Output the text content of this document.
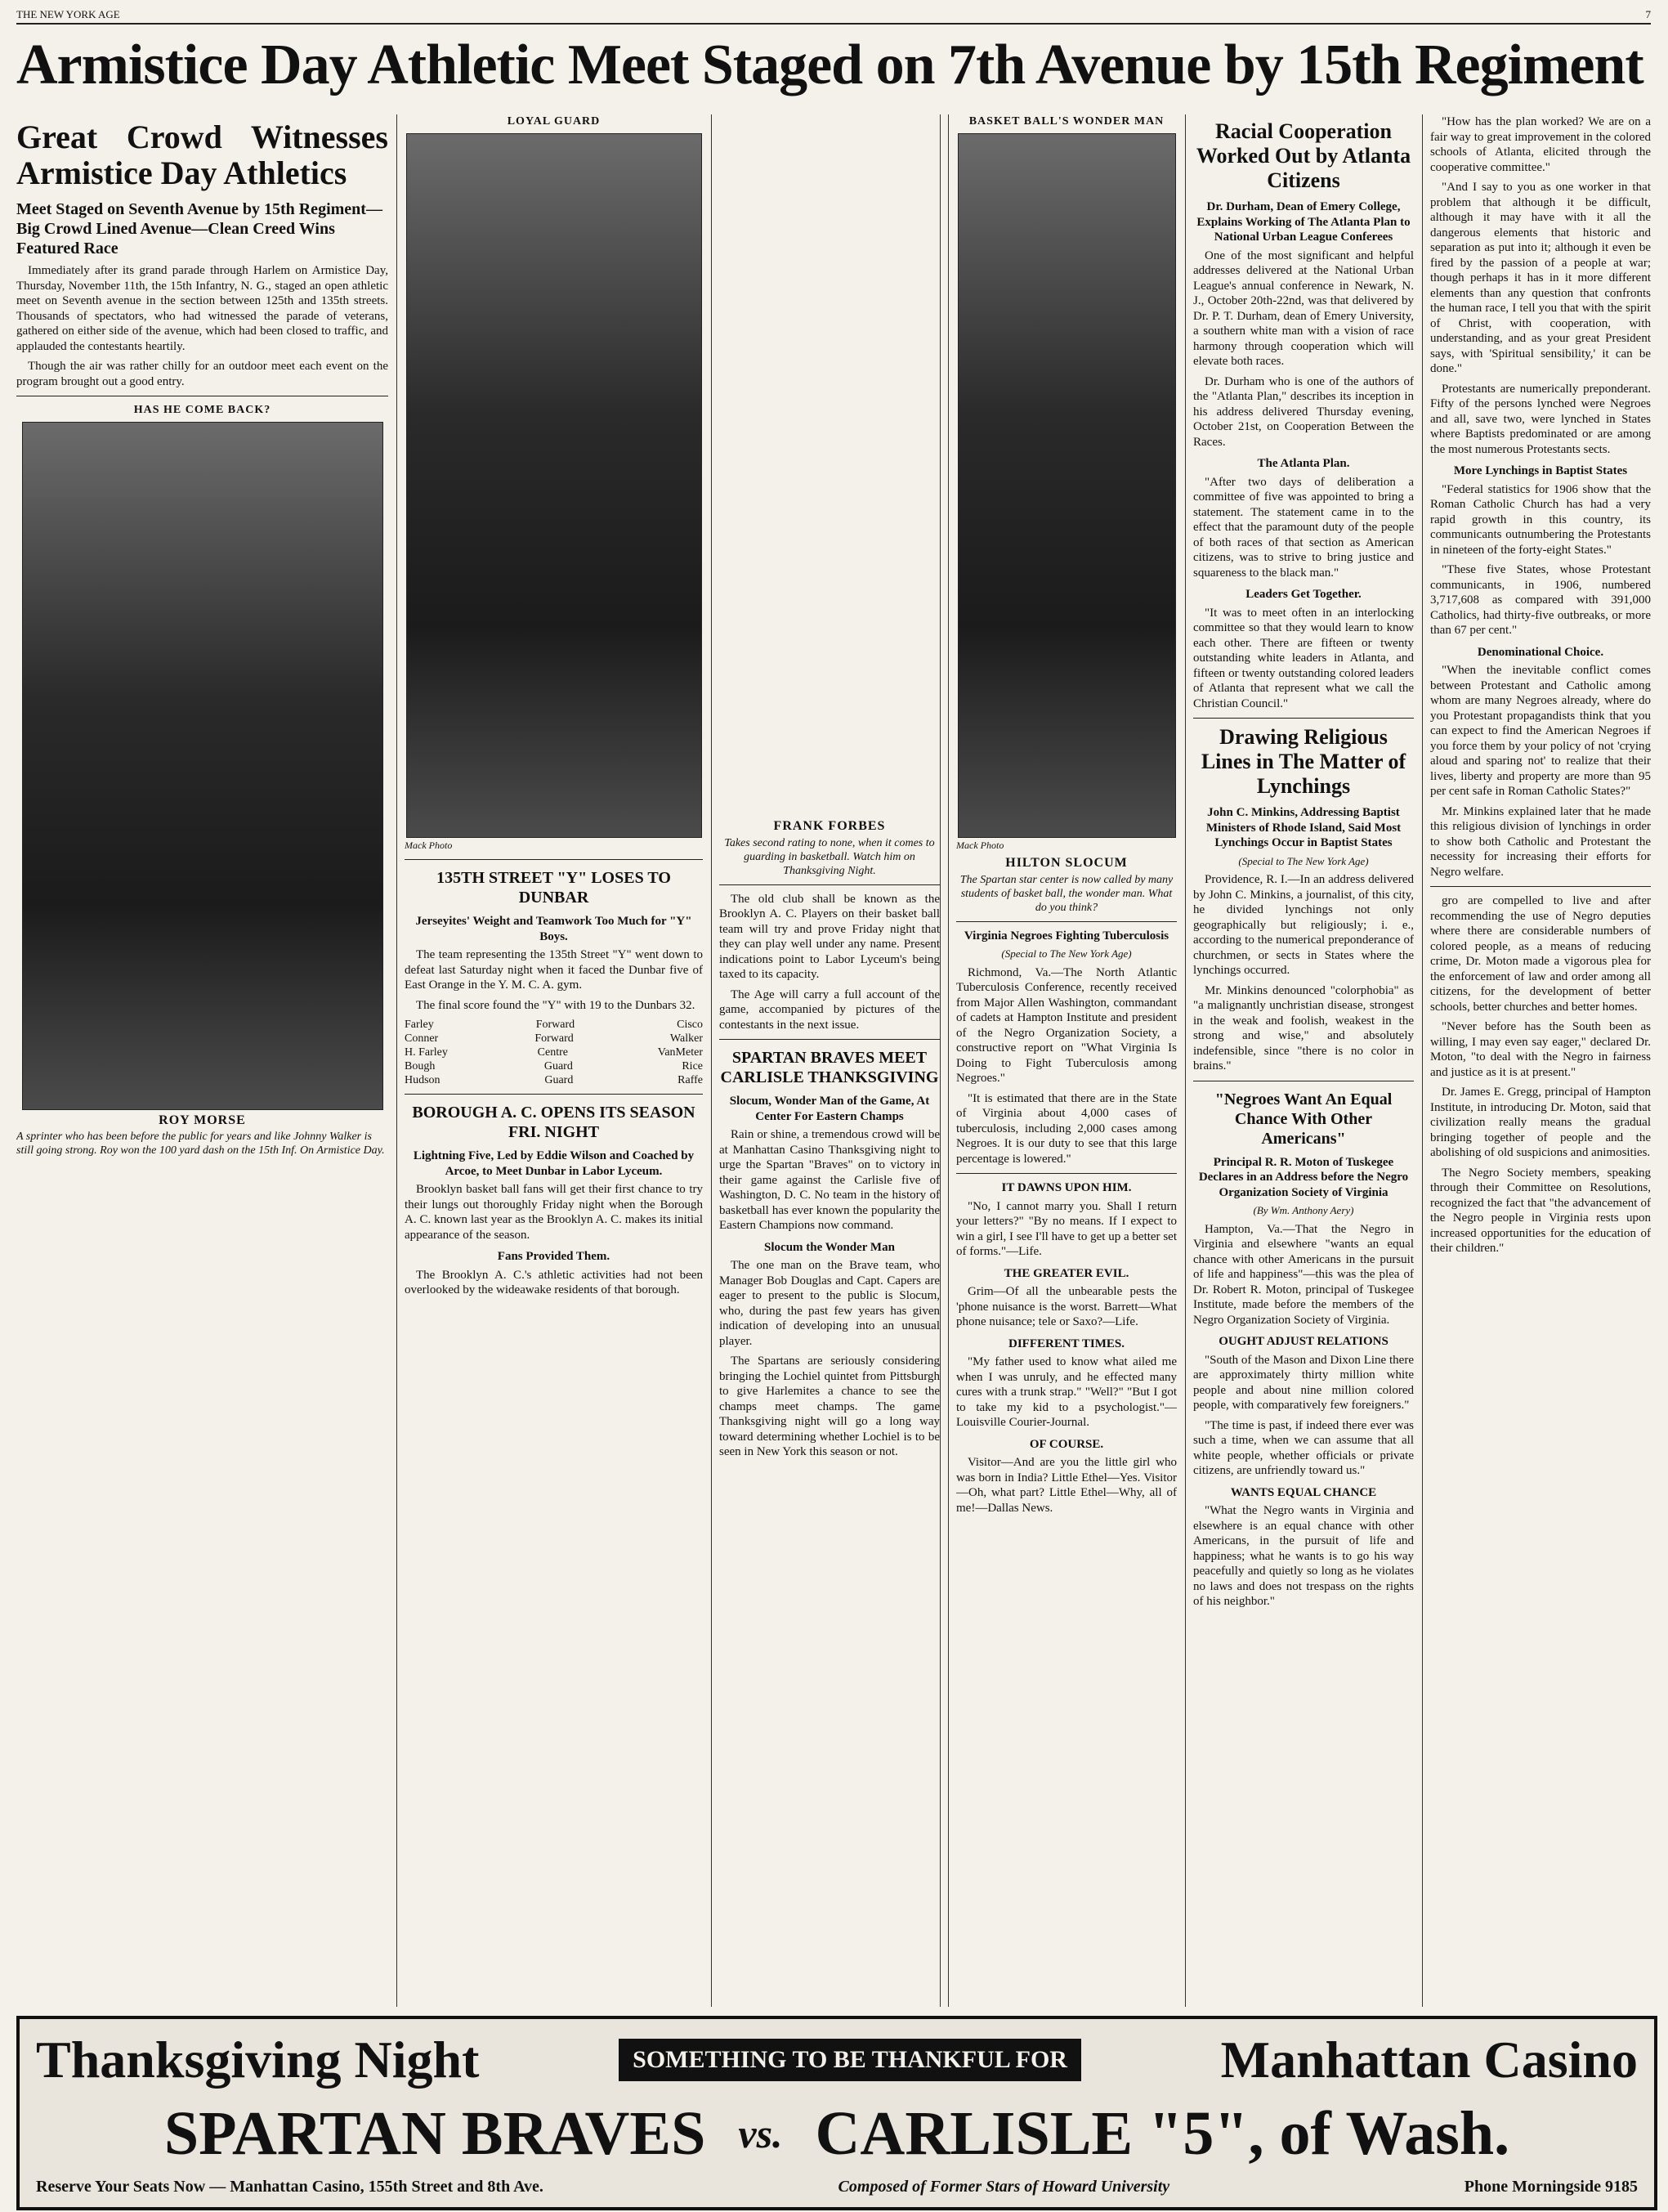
THE NEW YORK AGE	7
Armistice Day Athletic Meet Staged on 7th Avenue by 15th Regiment
Great Crowd Witnesses Armistice Day Athletics
Meet Staged on Seventh Avenue by 15th Regiment—Big Crowd Lined Avenue—Clean Creed Wins Featured Race

Immediately after its grand parade through Harlem on Armistice Day, Thursday, November 11th, the 15th Infantry, N. G., staged an open athletic meet on Seventh avenue in the section between 125th and 135th streets. Thousands of spectators, who had witnessed the parade of veterans, gathered on either side of the avenue, which had been closed to traffic, and applauded the contestants heartily.

Though the air was rather chilly for an outdoor meet each event on the program brought out a good entry.

HAS HE COME BACK?
ROY MORSE
A sprinter who has been before the public for years and like Johnny Walker is still going strong. Roy won the 100 yard dash on the 15th Inf. On Armistice Day.
LOYAL GUARD
Mack Photo
135TH STREET "Y" LOSES TO DUNBAR
Jerseyites' Weight and Teamwork Too Much for "Y" Boys.

The team representing the 135th Street "Y" went down to defeat last Saturday night when it faced the Dunbar five of East Orange in the Y. M. C. A. gym.

The final score found the "Y" with 19 to the Dunbars 32.

Farley	Forward	Cisco
Conner	Forward	Walker
H. Farley	Centre	VanMeter
Bough	Guard	Rice
Hudson	Guard	Raffe
BOROUGH A. C. OPENS ITS SEASON FRI. NIGHT
Lightning Five, Led by Eddie Wilson and Coached by Arcoe, to Meet Dunbar in Labor Lyceum.

Brooklyn basket ball fans will get their first chance to try their lungs out thoroughly Friday night when the Borough A. C. known last year as the Brooklyn A. C. makes its initial appearance of the season.

Fans Provided Them.

The Brooklyn A. C.'s athletic activities had not been overlooked by the wideawake residents of that borough.

FRANK FORBES
Takes second rating to none, when it comes to guarding in basketball. Watch him on Thanksgiving Night.

The old club shall be known as the Brooklyn A. C. Players on their basket ball team will try and prove Friday night that they can play well under any name. Present indications point to Labor Lyceum's being taxed to its capacity.

The Age will carry a full account of the game, accompanied by pictures of the contestants in the next issue.

SPARTAN BRAVES MEET CARLISLE THANKSGIVING
Slocum, Wonder Man of the Game, At Center For Eastern Champs

Rain or shine, a tremendous crowd will be at Manhattan Casino Thanksgiving night to urge the Spartan "Braves" on to victory in their game against the Carlisle five of Washington, D. C. No team in the history of basketball has ever known the popularity the Eastern Champions now command.

Slocum the Wonder Man

The one man on the Brave team, who Manager Bob Douglas and Capt. Capers are eager to present to the public is Slocum, who, during the past few years has given indication of developing into an unusual player.

The Spartans are seriously considering bringing the Lochiel quintet from Pittsburgh to give Harlemites a chance to see the champs meet champs. The game Thanksgiving night will go a long way toward determining whether Lochiel is to be seen in New York this season or not.

BASKET BALL'S WONDER MAN
Mack Photo
HILTON SLOCUM
The Spartan star center is now called by many students of basket ball, the wonder man. What do you think?
Virginia Negroes Fighting Tuberculosis
(Special to The New York Age)

Richmond, Va.—The North Atlantic Tuberculosis Conference, recently received from Major Allen Washington, commandant of cadets at Hampton Institute and president of the Negro Organization Society, a constructive report on "What Virginia Is Doing to Fight Tuberculosis among Negroes."

"It is estimated that there are in the State of Virginia about 4,000 cases of tuberculosis, including 2,000 cases among Negroes. It is our duty to see that this large percentage is lowered."

IT DAWNS UPON HIM.

"No, I cannot marry you. Shall I return your letters?" "By no means. If I expect to win a girl, I see I'll have to get up a better set of forms."—Life.

THE GREATER EVIL.

Grim—Of all the unbearable pests the 'phone nuisance is the worst. Barrett—What phone nuisance; tele or Saxo?—Life.

DIFFERENT TIMES.

"My father used to know what ailed me when I was unruly, and he effected many cures with a trunk strap." "Well?" "But I got to take my kid to a psychologist."—Louisville Courier-Journal.

OF COURSE.

Visitor—And are you the little girl who was born in India? Little Ethel—Yes. Visitor—Oh, what part? Little Ethel—Why, all of me!—Dallas News.

Racial Cooperation Worked Out by Atlanta Citizens
Dr. Durham, Dean of Emery College, Explains Working of The Atlanta Plan to National Urban League Conferees

One of the most significant and helpful addresses delivered at the National Urban League's annual conference in Newark, N. J., October 20th-22nd, was that delivered by Dr. P. T. Durham, dean of Emery University, a southern white man with a vision of race harmony through cooperation which will elevate both races.

Dr. Durham who is one of the authors of the "Atlanta Plan," describes its inception in his address delivered Thursday evening, October 21st, on Cooperation Between the Races.

The Atlanta Plan.

"After two days of deliberation a committee of five was appointed to bring a statement. The statement came in to the effect that the paramount duty of the people of both races of that section as American citizens, was to strive to bring justice and squareness to the black man."

Leaders Get Together.

"It was to meet often in an interlocking committee so that they would learn to know each other. There are fifteen or twenty outstanding white leaders in Atlanta, and fifteen or twenty outstanding colored leaders of Atlanta that represent what we call the Christian Council."

Drawing Religious Lines in The Matter of Lynchings
John C. Minkins, Addressing Baptist Ministers of Rhode Island, Said Most Lynchings Occur in Baptist States
(Special to The New York Age)

Providence, R. I.—In an address delivered by John C. Minkins, a journalist, of this city, he divided lynchings not only geographically but religiously; i. e., according to the numerical preponderance of churchmen, or sects in States where the lynchings occurred.

Mr. Minkins denounced "colorphobia" as "a malignantly unchristian disease, strongest in the weak and foolish, weakest in the strong and wise," and absolutely indefensible, since "there is no color in brains."

"Negroes Want An Equal Chance With Other Americans"
Principal R. R. Moton of Tuskegee Declares in an Address before the Negro Organization Society of Virginia
(By Wm. Anthony Aery)

Hampton, Va.—That the Negro in Virginia and elsewhere "wants an equal chance with other Americans in the pursuit of life and happiness"—this was the plea of Dr. Robert R. Moton, principal of Tuskegee Institute, made before the members of the Negro Organization Society of Virginia.

OUGHT ADJUST RELATIONS

"South of the Mason and Dixon Line there are approximately thirty million white people and about nine million colored people, with comparatively few foreigners."

"The time is past, if indeed there ever was such a time, when we can assume that all white people, whether officials or private citizens, are unfriendly toward us."

WANTS EQUAL CHANCE

"What the Negro wants in Virginia and elsewhere is an equal chance with other Americans, in the pursuit of life and happiness; what he wants is to go his way peacefully and quietly so long as he violates no laws and does not trespass on the rights of his neighbor."

"How has the plan worked? We are on a fair way to great improvement in the colored schools of Atlanta, elicited through the cooperative committee."

"And I say to you as one worker in that problem that although it be difficult, although it may have with it all the dangerous elements that historic and separation as put into it; although it even be fired by the passion of a people at war; though perhaps it has in it more different elements than any question that confronts the human race, I tell you that with the spirit of Christ, with cooperation, with understanding, and as your great President says, with 'Spiritual sensibility,' it can be done."

Protestants are numerically preponderant. Fifty of the persons lynched were Negroes and all, save two, were lynched in States where Baptists predominated or are among the most numerous Protestants sects.

More Lynchings in Baptist States

"Federal statistics for 1906 show that the Roman Catholic Church has had a very rapid growth in this country, its communicants outnumbering the Protestants in nineteen of the forty-eight States."

"These five States, whose Protestant communicants, in 1906, numbered 3,717,608 as compared with 391,000 Catholics, had thirty-five outbreaks, or more than 67 per cent."

Denominational Choice.

"When the inevitable conflict comes between Protestant and Catholic among whom are many Negroes already, where do you Protestant propagandists think that you can expect to find the American Negroes if you force them by your policy of not 'crying aloud and sparing not' to realize that their lives, liberty and property are more than 95 per cent safe in Roman Catholic States?"

Mr. Minkins explained later that he made this religious division of lynchings in order to show both Catholic and Protestant the necessity for increasing their efforts for Negro welfare.

gro are compelled to live and after recommending the use of Negro deputies where there are considerable numbers of colored people, as a means of reducing crime, Dr. Moton made a vigorous plea for the enforcement of law and order among all citizens, for the development of better schools, better churches and better homes.

"Never before has the South been as willing, I may even say eager," declared Dr. Moton, "to deal with the Negro in fairness and justice as it is at present."

Dr. James E. Gregg, principal of Hampton Institute, in introducing Dr. Moton, said that civilization really means the gradual bringing together of people and the abolishing of old suspicions and animosities.

The Negro Society members, speaking through their Committee on Resolutions, recognized the fact that "the advancement of the Negro people in Virginia rests upon increased opportunities for the education of their children."

Thanksgiving Night	SOMETHING TO BE THANKFUL FOR	Manhattan Casino
SPARTAN BRAVES vs. CARLISLE "5", of Wash.
Reserve Your Seats Now — Manhattan Casino, 155th Street and 8th Ave.	Composed of Former Stars of Howard University	Phone Morningside 9185
